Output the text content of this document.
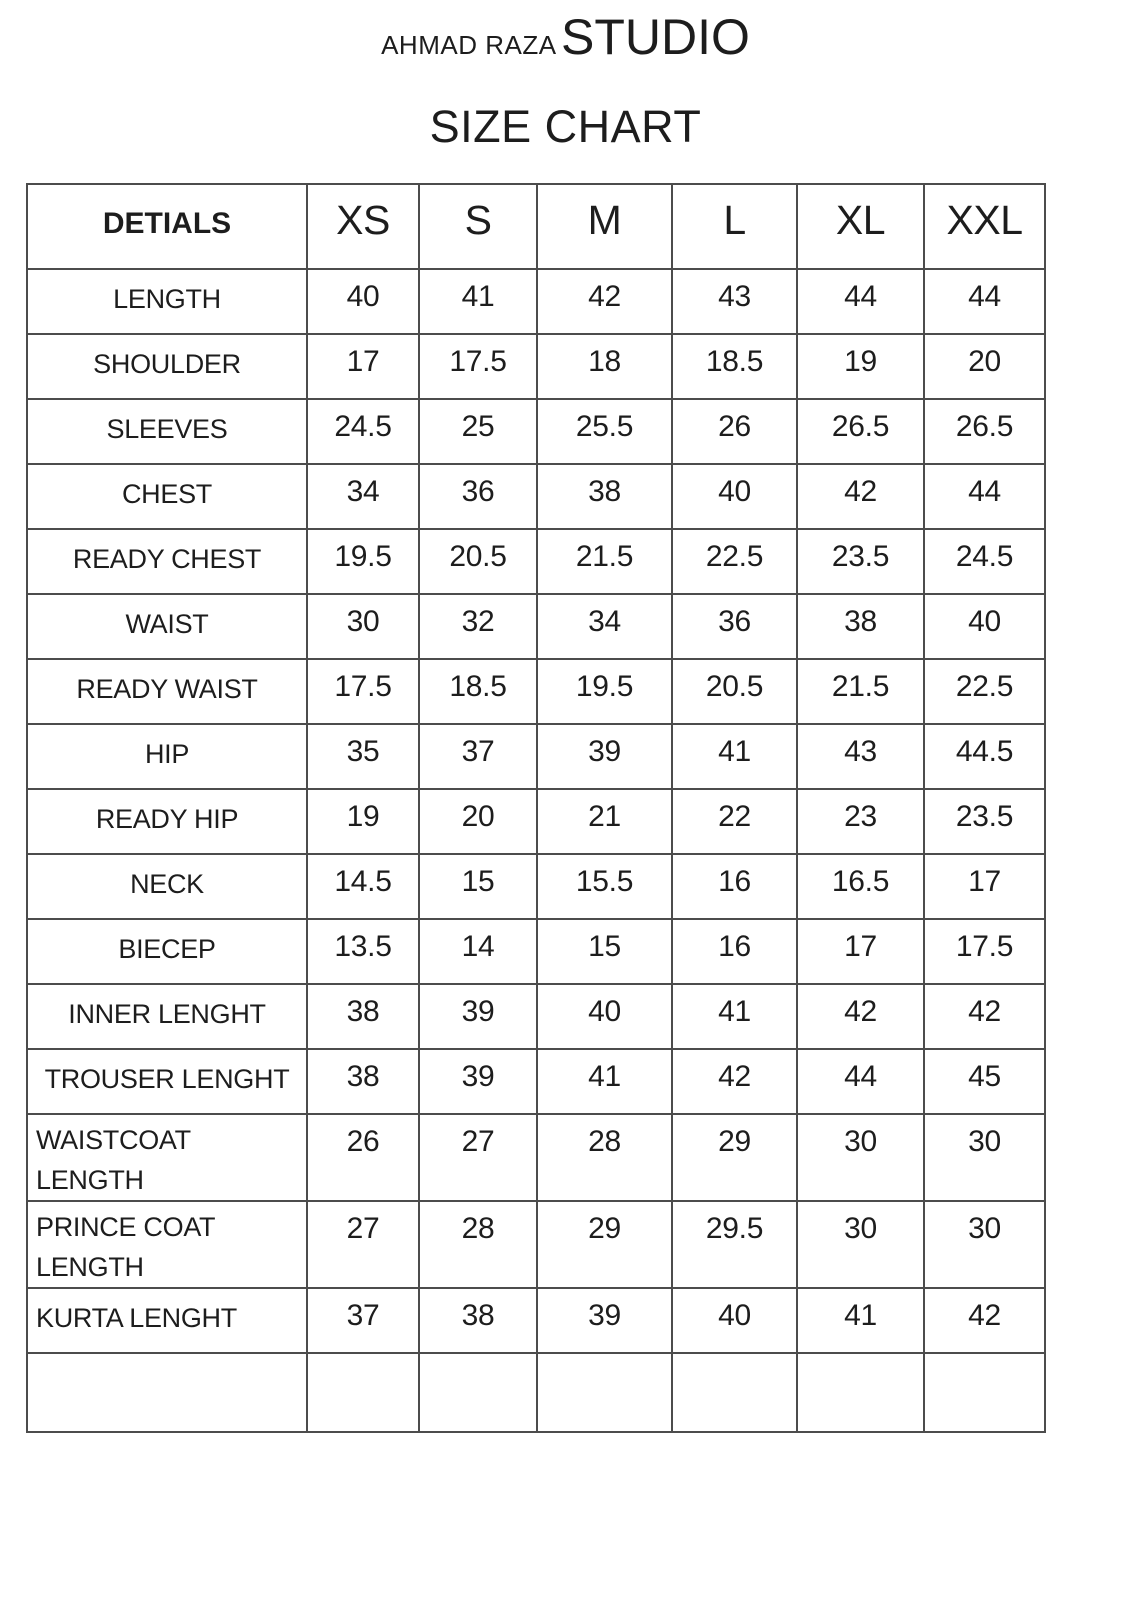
AHMAD RAZA STUDIO
SIZE CHART
DETIALS	XS	S	M	L	XL	XXL
LENGTH	40	41	42	43	44	44
SHOULDER	17	17.5	18	18.5	19	20
SLEEVES	24.5	25	25.5	26	26.5	26.5
CHEST	34	36	38	40	42	44
READY CHEST	19.5	20.5	21.5	22.5	23.5	24.5
WAIST	30	32	34	36	38	40
READY WAIST	17.5	18.5	19.5	20.5	21.5	22.5
HIP	35	37	39	41	43	44.5
READY HIP	19	20	21	22	23	23.5
NECK	14.5	15	15.5	16	16.5	17
BIECEP	13.5	14	15	16	17	17.5
INNER LENGHT	38	39	40	41	42	42
TROUSER LENGHT	38	39	41	42	44	45

WAISTCOAT
LENGTH	26	27	28	29	30	30

PRINCE COAT
LENGTH	27	28	29	29.5	30	30
KURTA LENGHT	37	38	39	40	41	42
